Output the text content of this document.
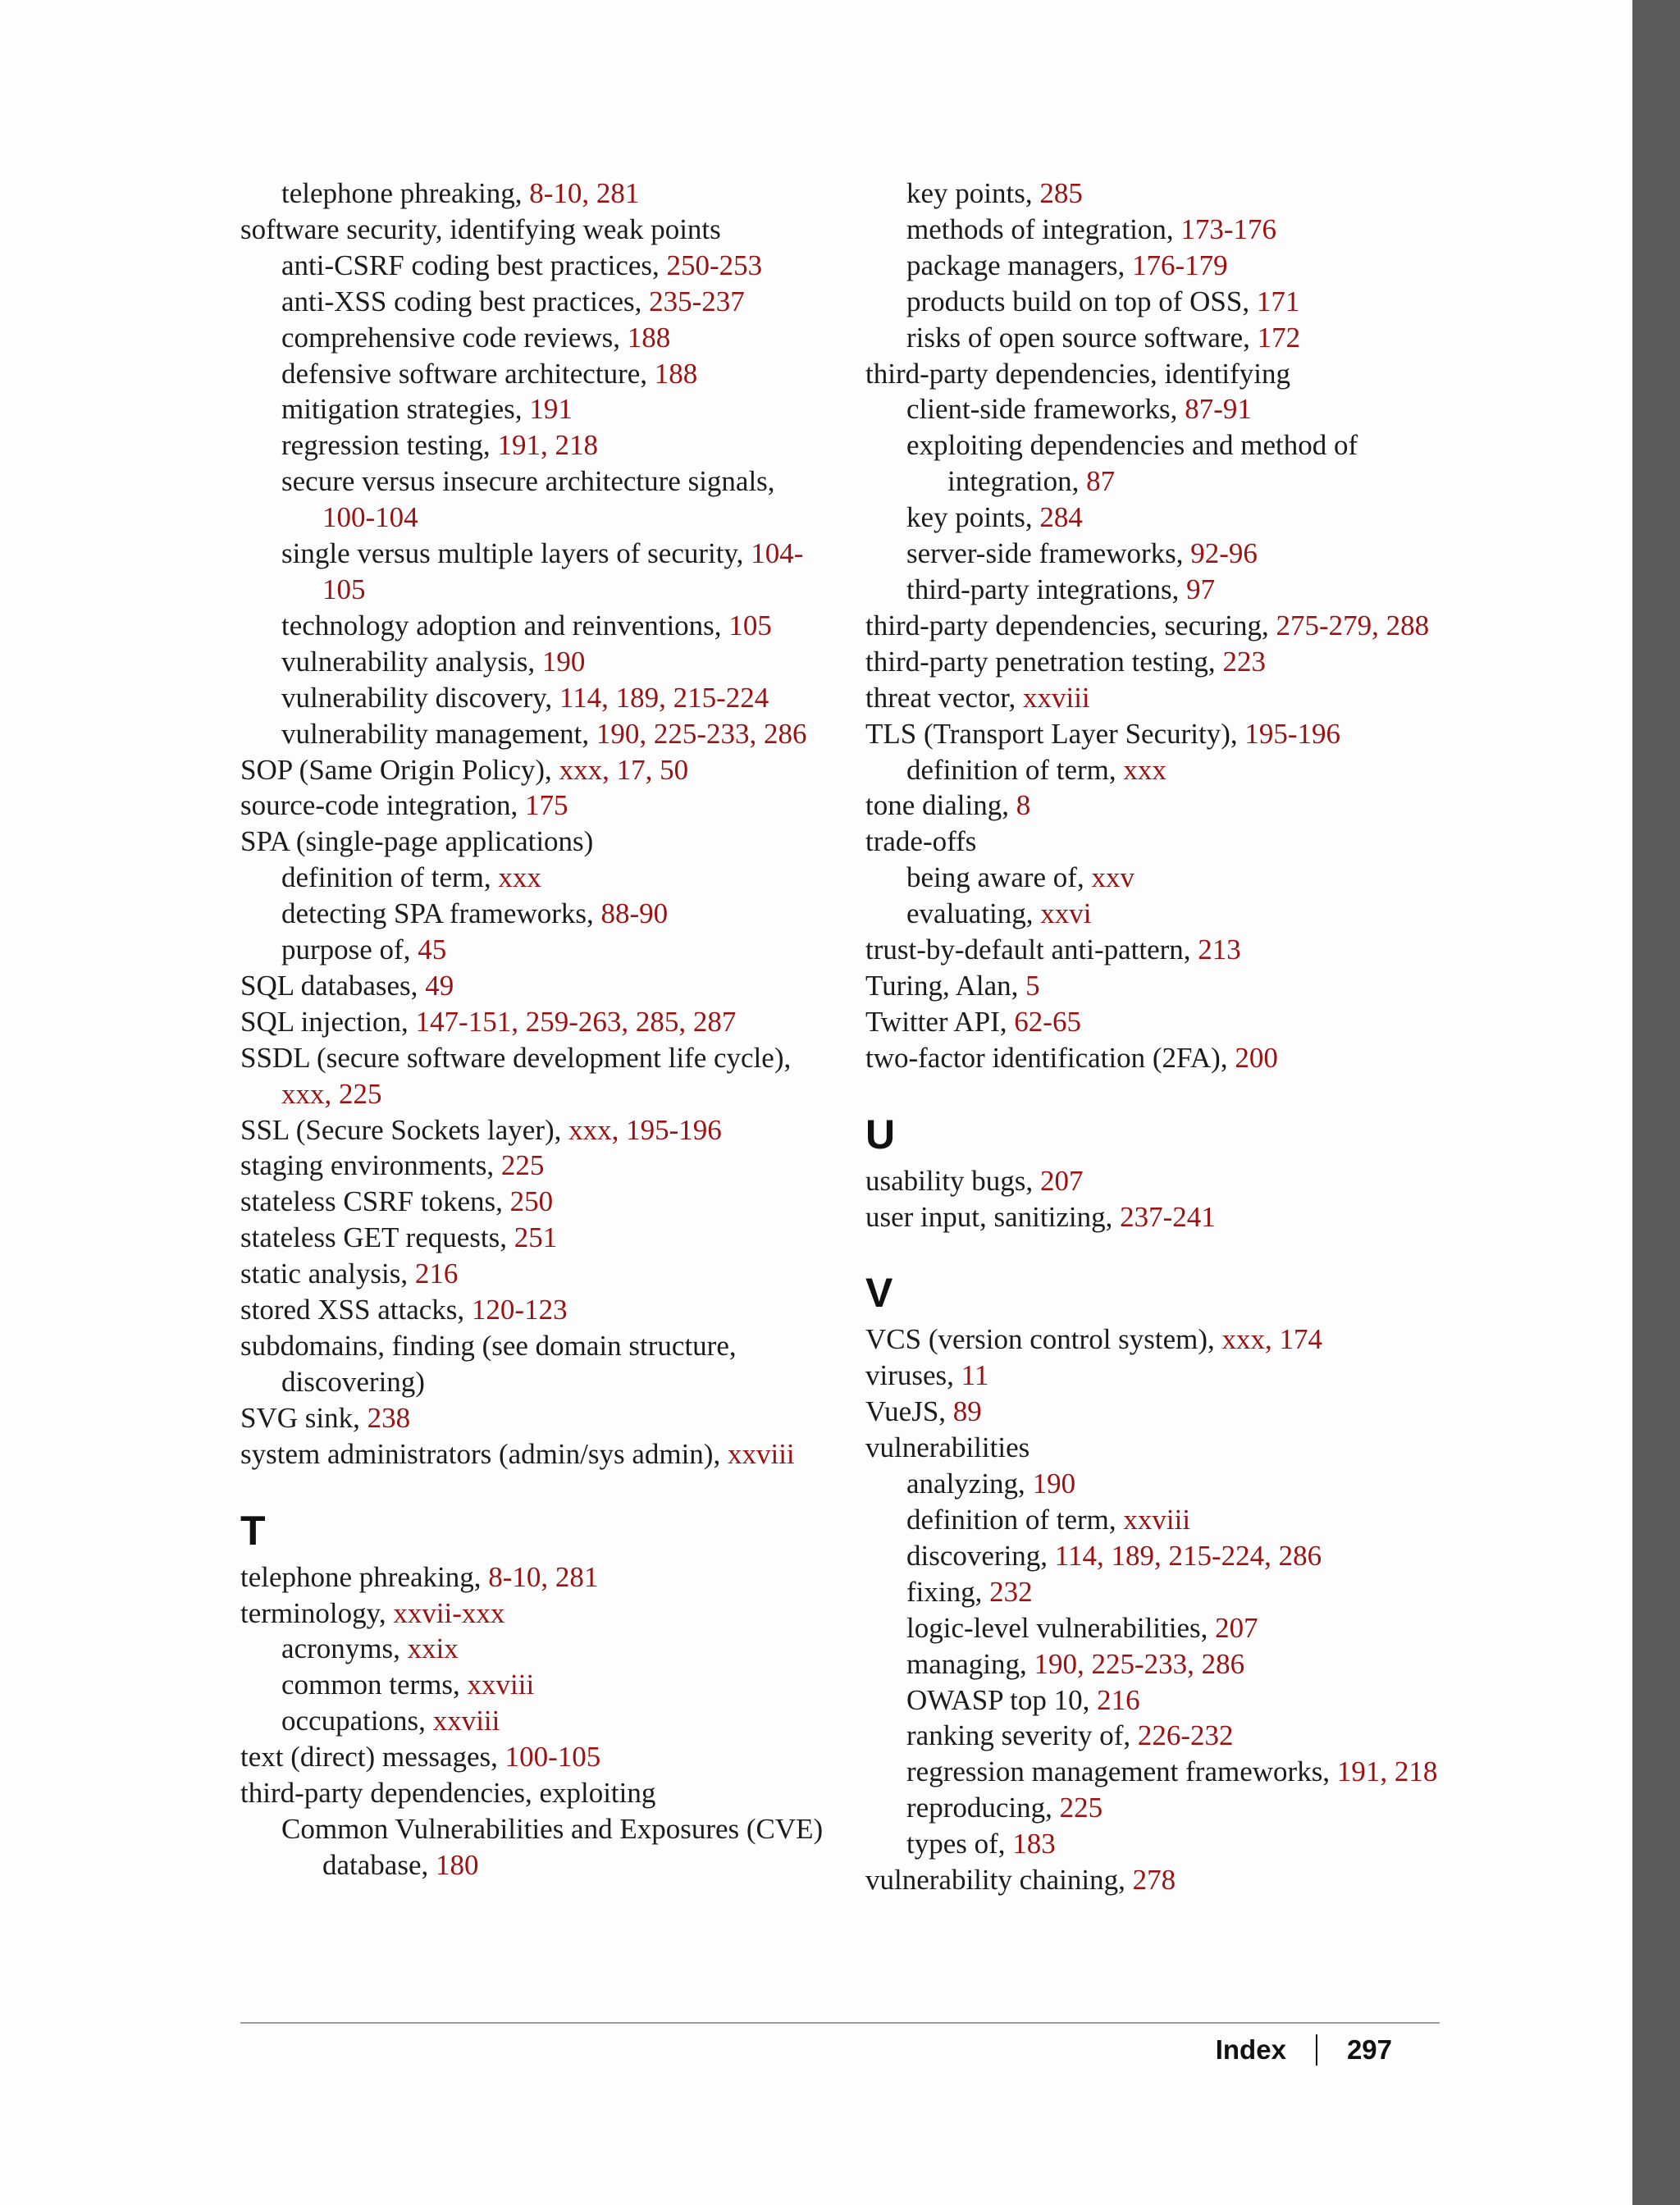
telephone phreaking, 8-10, 281
software security, identifying weak points
anti-CSRF coding best practices, 250-253
anti-XSS coding best practices, 235-237
comprehensive code reviews, 188
defensive software architecture, 188
mitigation strategies, 191
regression testing, 191, 218
secure versus insecure architecture signals, 100-104
single versus multiple layers of security, 104-105
technology adoption and reinventions, 105
vulnerability analysis, 190
vulnerability discovery, 114, 189, 215-224
vulnerability management, 190, 225-233, 286
SOP (Same Origin Policy), xxx, 17, 50
source-code integration, 175
SPA (single-page applications)
definition of term, xxx
detecting SPA frameworks, 88-90
purpose of, 45
SQL databases, 49
SQL injection, 147-151, 259-263, 285, 287
SSDL (secure software development life cycle), xxx, 225
SSL (Secure Sockets layer), xxx, 195-196
staging environments, 225
stateless CSRF tokens, 250
stateless GET requests, 251
static analysis, 216
stored XSS attacks, 120-123
subdomains, finding (see domain structure, discovering)
SVG sink, 238
system administrators (admin/sys admin), xxviii
T
telephone phreaking, 8-10, 281
terminology, xxvii-xxx
acronyms, xxix
common terms, xxviii
occupations, xxviii
text (direct) messages, 100-105
third-party dependencies, exploiting
Common Vulnerabilities and Exposures (CVE) database, 180
key points, 285
methods of integration, 173-176
package managers, 176-179
products build on top of OSS, 171
risks of open source software, 172
third-party dependencies, identifying
client-side frameworks, 87-91
exploiting dependencies and method of integration, 87
key points, 284
server-side frameworks, 92-96
third-party integrations, 97
third-party dependencies, securing, 275-279, 288
third-party penetration testing, 223
threat vector, xxviii
TLS (Transport Layer Security), 195-196
definition of term, xxx
tone dialing, 8
trade-offs
being aware of, xxv
evaluating, xxvi
trust-by-default anti-pattern, 213
Turing, Alan, 5
Twitter API, 62-65
two-factor identification (2FA), 200
U
usability bugs, 207
user input, sanitizing, 237-241
V
VCS (version control system), xxx, 174
viruses, 11
VueJS, 89
vulnerabilities
analyzing, 190
definition of term, xxviii
discovering, 114, 189, 215-224, 286
fixing, 232
logic-level vulnerabilities, 207
managing, 190, 225-233, 286
OWASP top 10, 216
ranking severity of, 226-232
regression management frameworks, 191, 218
reproducing, 225
types of, 183
vulnerability chaining, 278
Index 297
